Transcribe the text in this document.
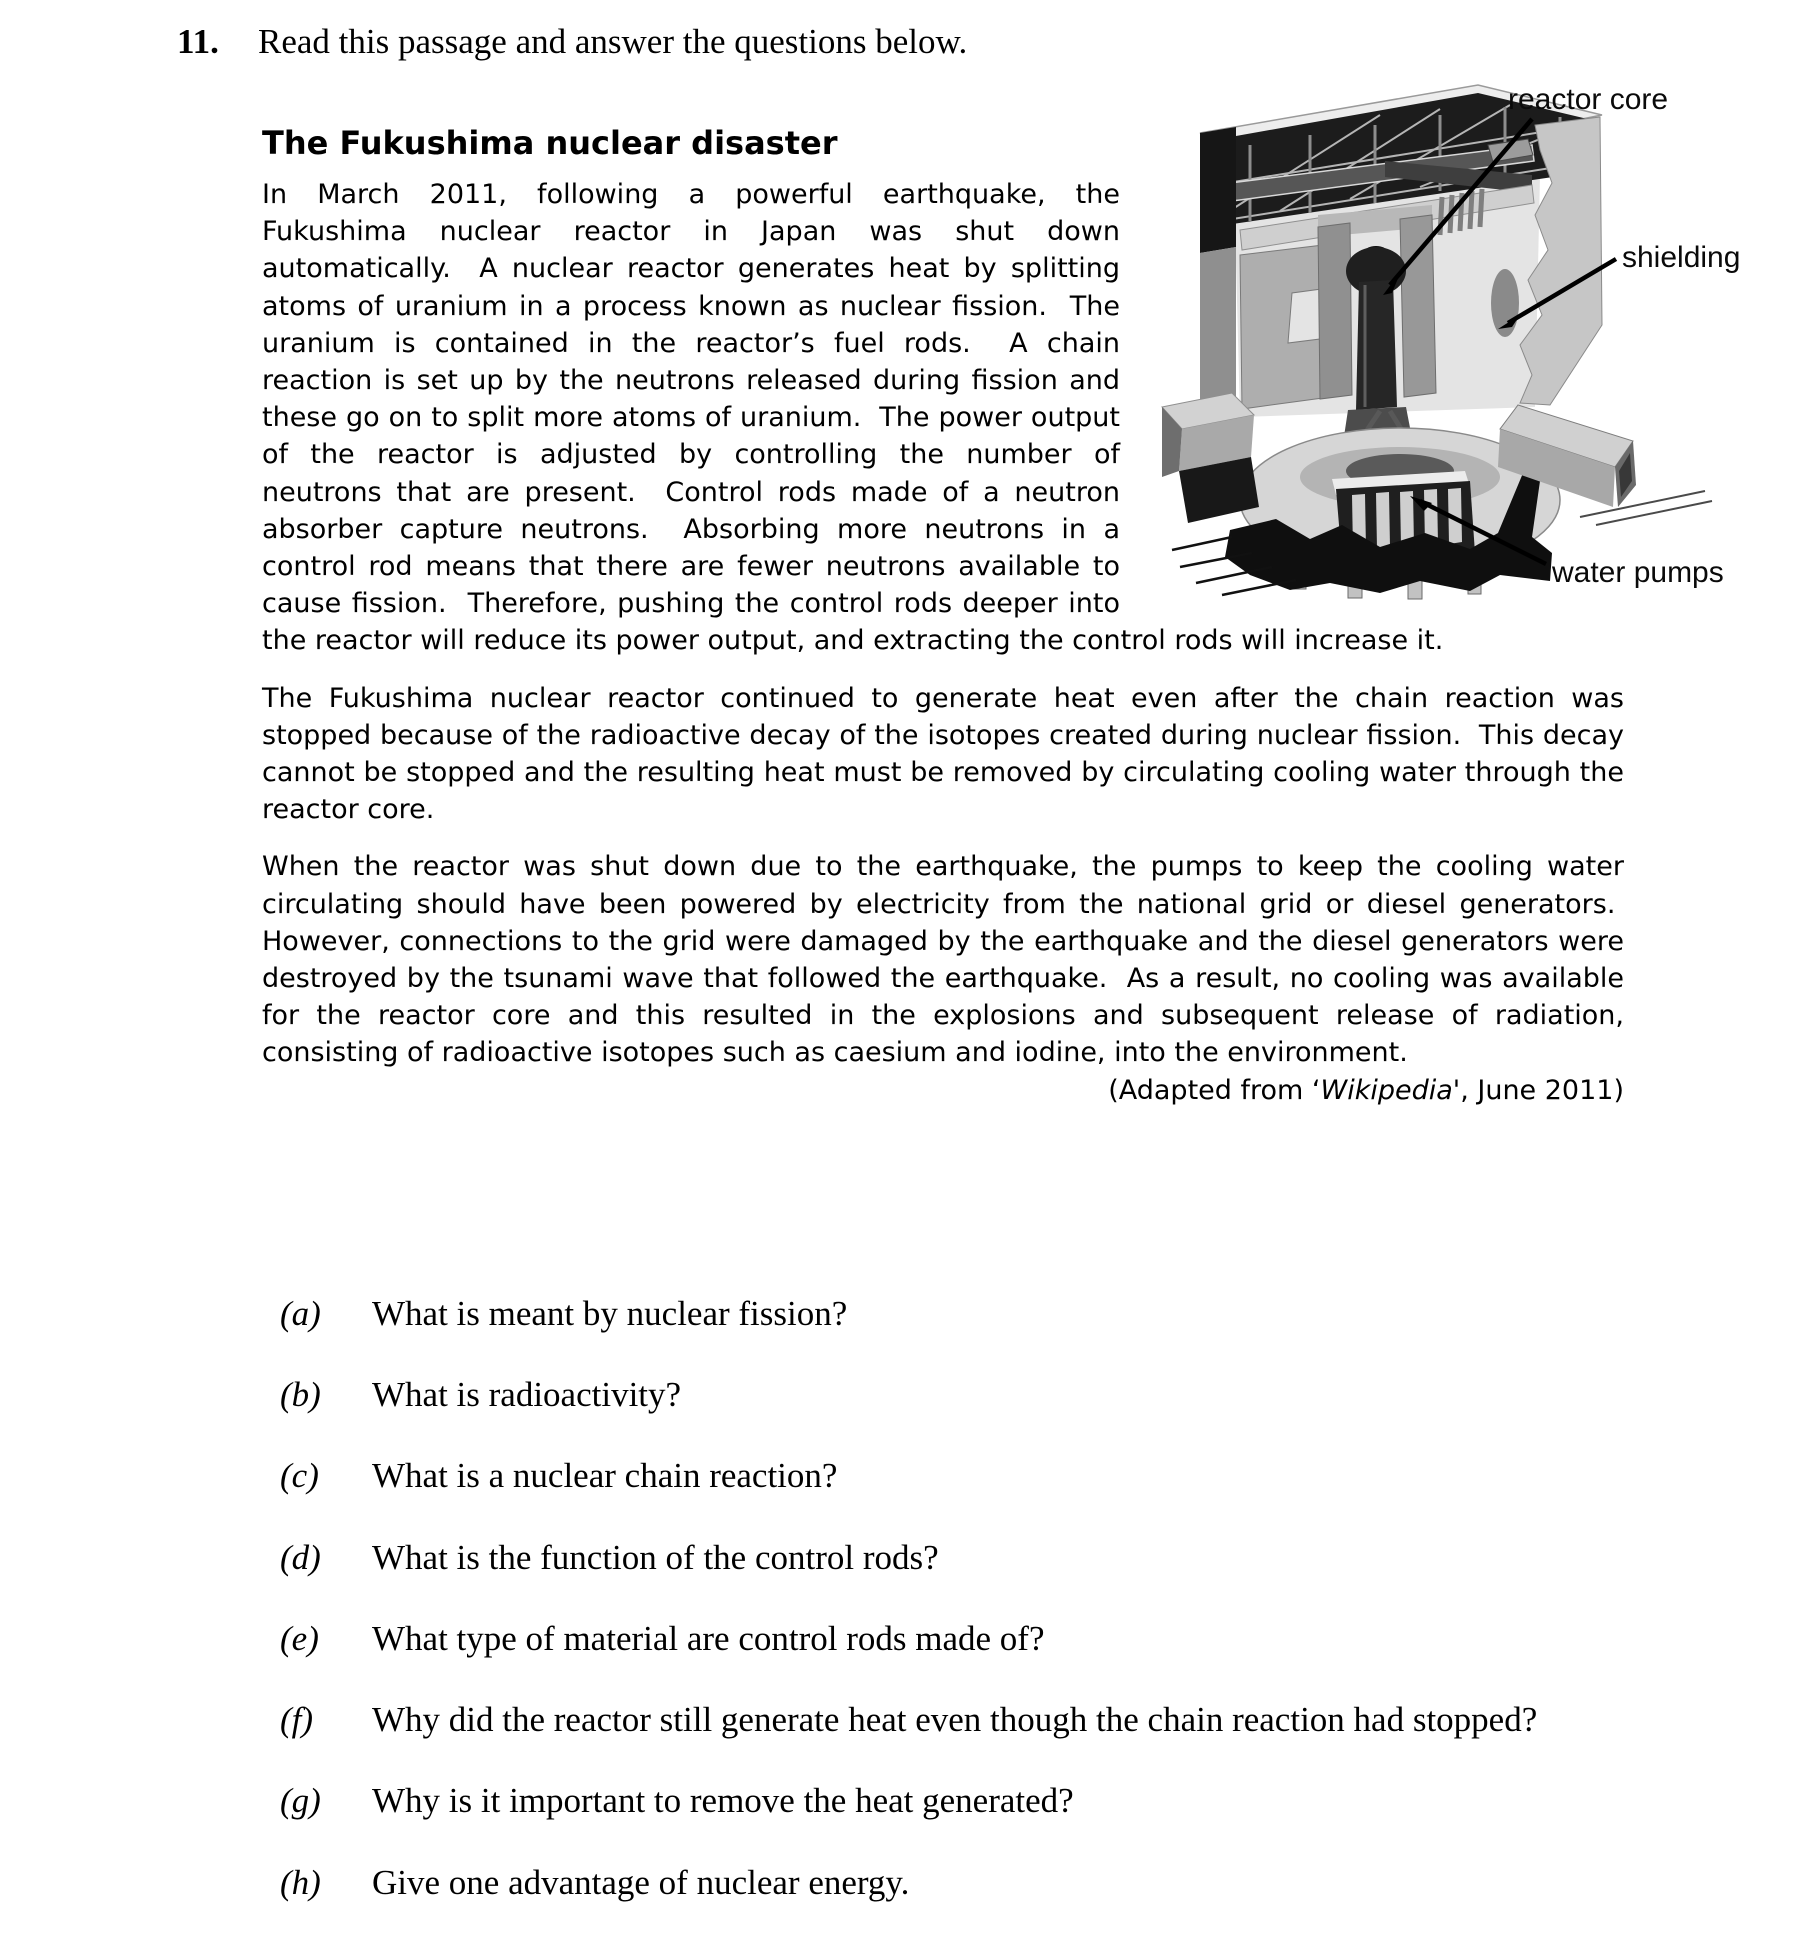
11. Read this passage and answer the questions below.
The Fukushima nuclear disaster

In March 2011, following a powerful earthquake, the Fukushima nuclear reactor in Japan was shut down automatically.  A nuclear reactor generates heat by splitting atoms of uranium in a process known as nuclear fission.  The uranium is contained in the reactor’s fuel rods.  A chain reaction is set up by the neutrons released during fission and these go on to split more atoms of uranium.  The power output of the reactor is adjusted by controlling the number of neutrons that are present.  Control rods made of a neutron absorber capture neutrons.  Absorbing more neutrons in a control rod means that there are fewer neutrons available to cause fission.  Therefore, pushing the control rods deeper into the reactor will reduce its power output, and extracting the control rods will increase it.

The Fukushima nuclear reactor continued to generate heat even after the chain reaction was stopped because of the radioactive decay of the isotopes created during nuclear fission.  This decay cannot be stopped and the resulting heat must be removed by circulating cooling water through the reactor core.

When the reactor was shut down due to the earthquake, the pumps to keep the cooling water circulating should have been powered by electricity from the national grid or diesel generators.  However, connections to the grid were damaged by the earthquake and the diesel generators were destroyed by the tsunami wave that followed the earthquake.  As a result, no cooling was available for the reactor core and this resulted in the explosions and subsequent release of radiation, consisting of radioactive isotopes such as caesium and iodine, into the environment.

(Adapted from ‘Wikipedia', June 2011)

reactor core
shielding
water pumps
(a) What is meant by nuclear fission?
(b) What is radioactivity?
(c) What is a nuclear chain reaction?
(d) What is the function of the control rods?
(e) What type of material are control rods made of?
(f) Why did the reactor still generate heat even though the chain reaction had stopped?
(g) Why is it important to remove the heat generated?
(h) Give one advantage of nuclear energy.
